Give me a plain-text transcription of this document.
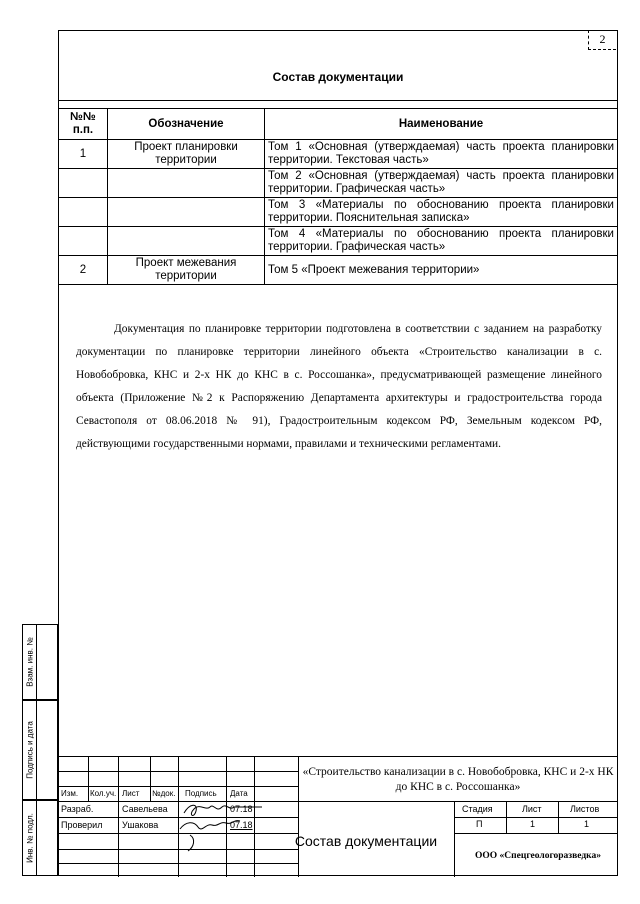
2
Состав документации
№№ п.п.	Обозначение	Наименование
1	Проект планировки территории	Том 1 «Основная (утверждаемая) часть проекта планировки территории. Текстовая часть»
		Том 2 «Основная (утверждаемая) часть проекта планировки территории. Графическая часть»
		Том 3 «Материалы по обоснованию проекта планировки территории. Пояснительная записка»
		Том 4 «Материалы по обоснованию проекта планировки территории. Графическая часть»
2	Проект межевания территории	Том 5 «Проект межевания территории»
Документация по планировке территории подготовлена в соответствии с заданием на разработку документации по планировке территории линейного объекта «Строительство канализации в с. Новобобровка, КНС и 2-х НК до КНС в с. Россошанка», предусматривающей размещение линейного объекта (Приложение №2 к Распоряжению Департамента архитектуры и градостроительства города Севастополя от 08.06.2018 № 91), Градостроительным кодексом РФ, Земельным кодексом РФ, действующими государственными нормами, правилами и техническими регламентами.
Взам. инв. №
Подпись и дата
Инв. № подл.
Изм. Кол.уч. Лист №док. Подпись Дата
Разраб.	Савельева	07.18
Проверил Ушакова	07.18
«Строительство канализации в с. Новобобровка, КНС и 2-х НК до КНС в с. Россошанка»
Состав документации
Стадия	Лист	Листов
П	1	1
ООО «Спецгеологоразведка»
